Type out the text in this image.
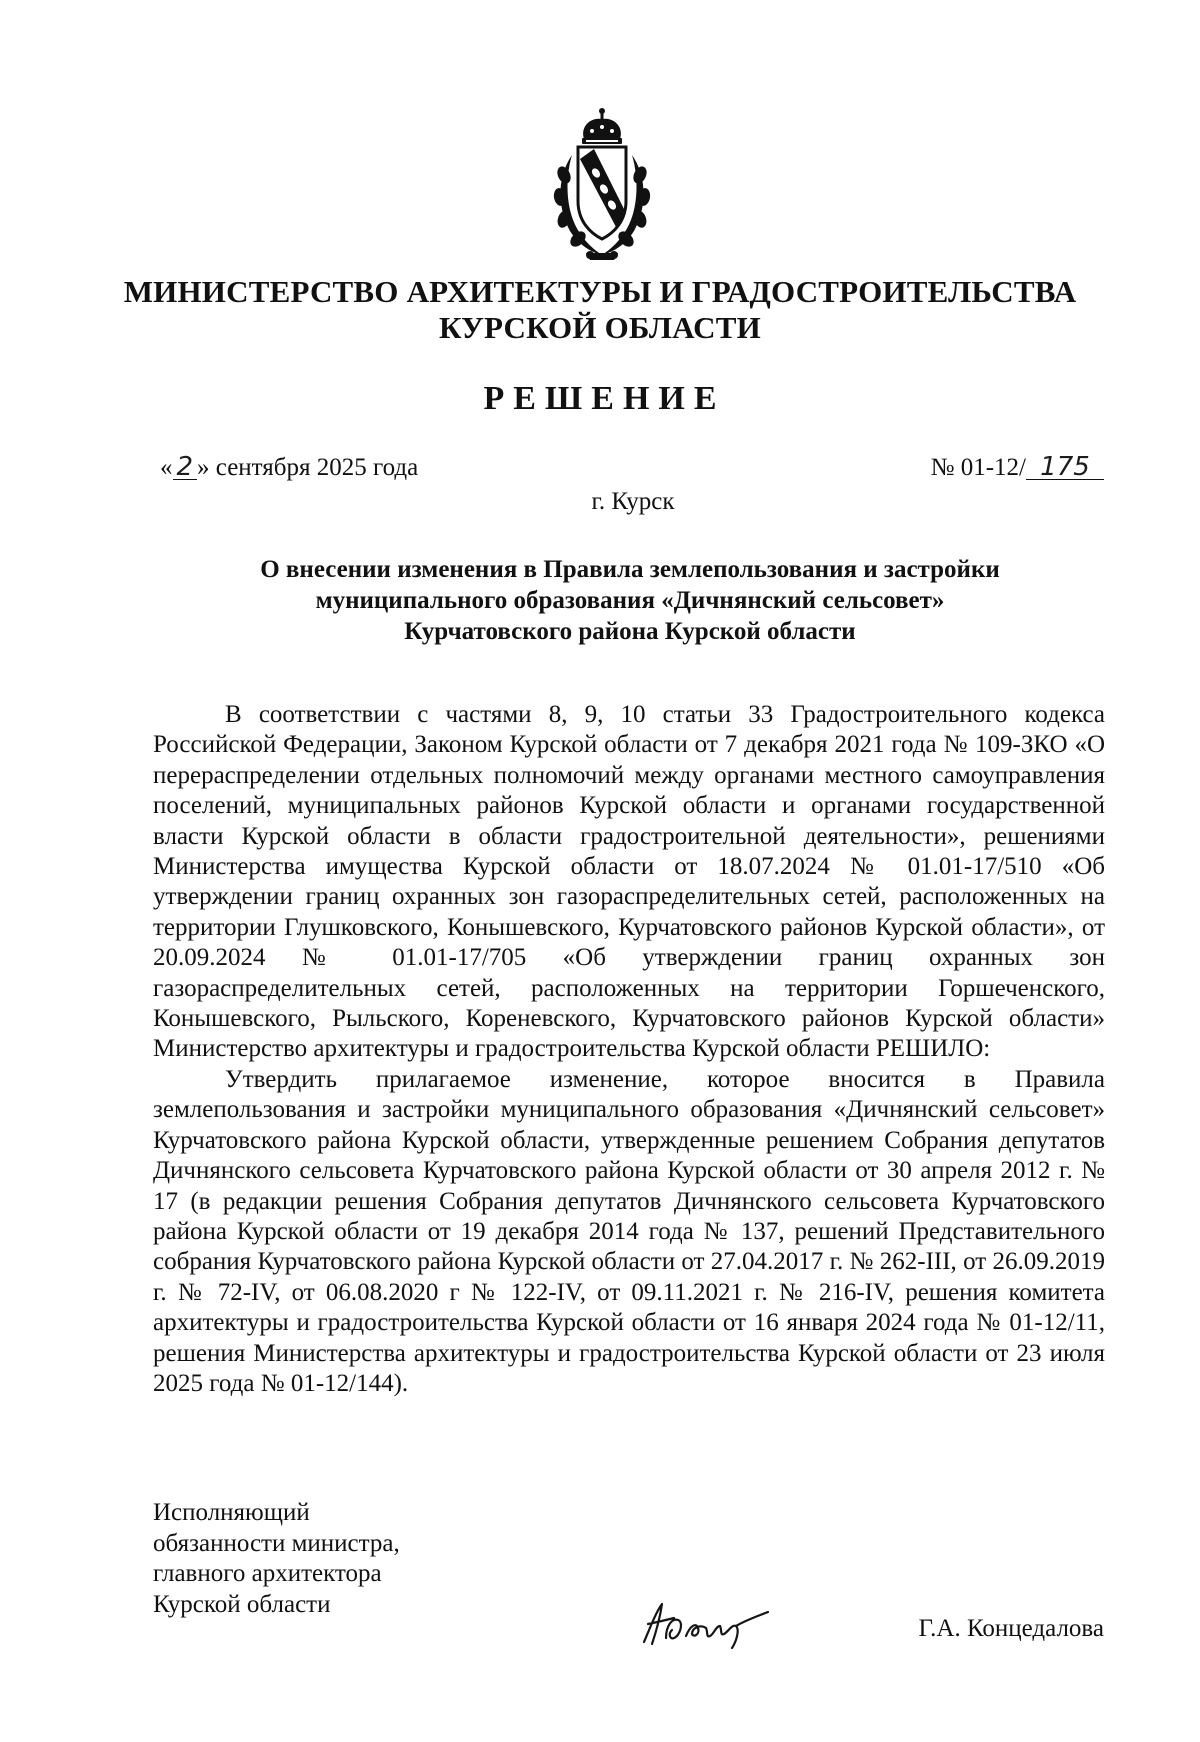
МИНИСТЕРСТВО АРХИТЕКТУРЫ И ГРАДОСТРОИТЕЛЬСТВА
КУРСКОЙ ОБЛАСТИ
РЕШЕНИЕ
« 2 » сентября 2025 года	№ 01-12/ 175
г. Курск
О внесении изменения в Правила землепользования и застройки
муниципального образования «Дичнянский сельсовет»
Курчатовского района Курской области

В соответствии с частями 8, 9, 10 статьи 33 Градостроительного кодекса Российской Федерации, Законом Курской области от 7 декабря 2021 года № 109-ЗКО «О перераспределении отдельных полномочий между органами местного самоуправления поселений, муниципальных районов Курской области и органами государственной власти Курской области в области градостроительной деятельности», решениями Министерства имущества Курской области от 18.07.2024 № 01.01-17/510 «Об утверждении границ охранных зон газораспределительных сетей, расположенных на территории Глушковского, Конышевского, Курчатовского районов Курской области», от 20.09.2024 № 01.01-17/705 «Об утверждении границ охранных зон газораспределительных сетей, расположенных на территории Горшеченского, Конышевского, Рыльского, Кореневского, Курчатовского районов Курской области» Министерство архитектуры и градостроительства Курской области РЕШИЛО:

Утвердить прилагаемое изменение, которое вносится в Правила землепользования и застройки муниципального образования «Дичнянский сельсовет» Курчатовского района Курской области, утвержденные решением Собрания депутатов Дичнянского сельсовета Курчатовского района Курской области от 30 апреля 2012 г. № 17 (в редакции решения Собрания депутатов Дичнянского сельсовета Курчатовского района Курской области от 19 декабря 2014 года № 137, решений Представительного собрания Курчатовского района Курской области от 27.04.2017 г. № 262-III, от 26.09.2019 г. № 72-IV, от 06.08.2020 г № 122-IV, от 09.11.2021 г. № 216-IV, решения комитета архитектуры и градостроительства Курской области от 16 января 2024 года № 01-12/11, решения Министерства архитектуры и градостроительства Курской области от 23 июля 2025 года № 01-12/144).

Исполняющий
обязанности министра,
главного архитектора
Курской области
Г.А. Концедалова
